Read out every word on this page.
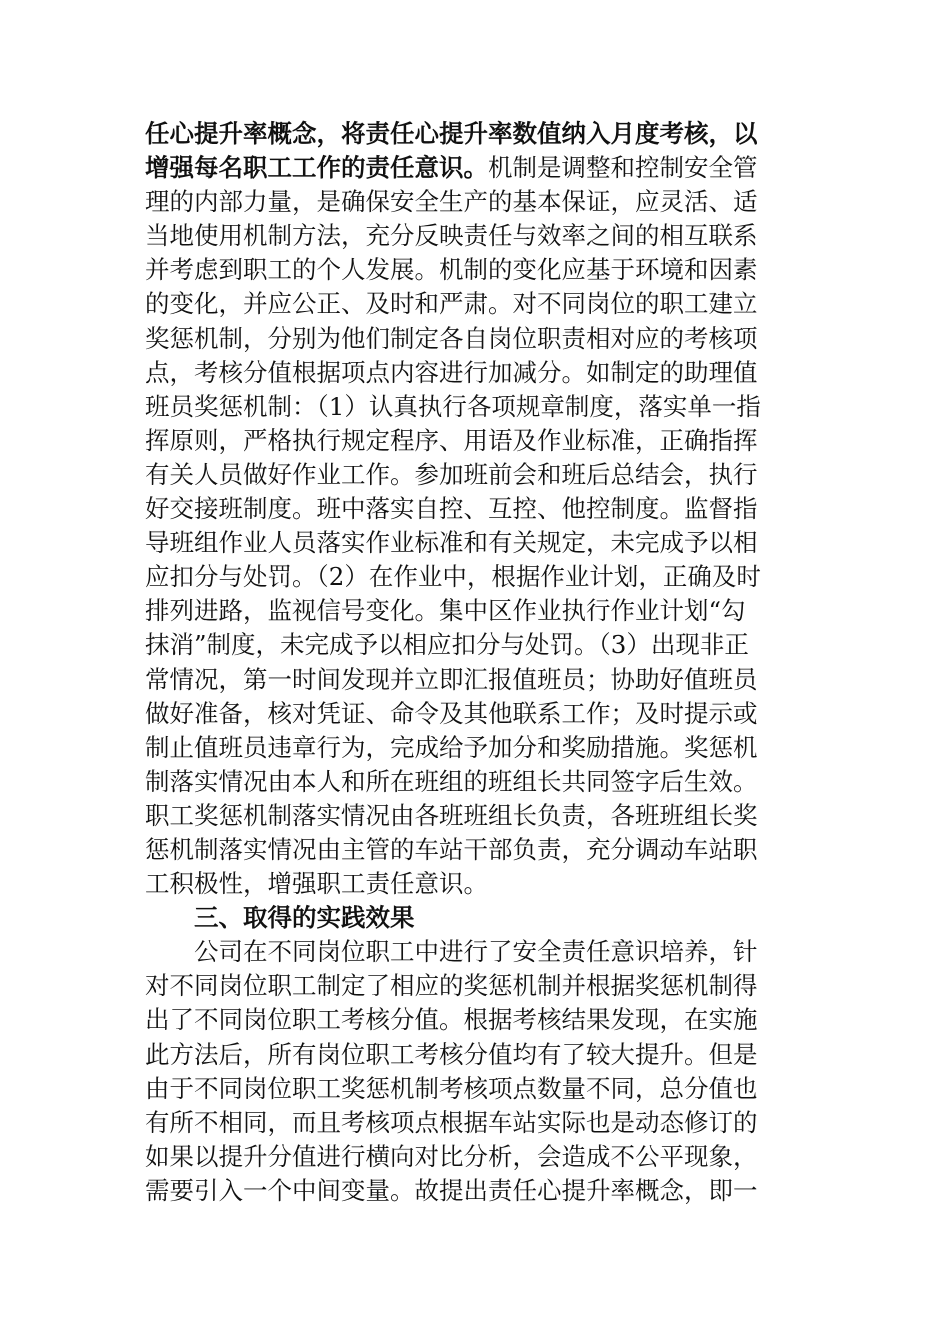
任心提升率概念，将责任心提升率数值纳入月度考核，以
增强每名职工工作的责任意识。机制是调整和控制安全管
理的内部力量，是确保安全生产的基本保证，应灵活、适
当地使用机制方法，充分反映责任与效率之间的相互联系
并考虑到职工的个人发展。机制的变化应基于环境和因素
的变化，并应公正、及时和严肃。对不同岗位的职工建立
奖惩机制，分别为他们制定各自岗位职责相对应的考核项
点，考核分值根据项点内容进行加减分。如制定的助理值
班员奖惩机制：（1）认真执行各项规章制度，落实单一指
挥原则，严格执行规定程序、用语及作业标准，正确指挥
有关人员做好作业工作。参加班前会和班后总结会，执行
好交接班制度。班中落实自控、互控、他控制度。监督指
导班组作业人员落实作业标准和有关规定，未完成予以相
应扣分与处罚。（2）在作业中，根据作业计划，正确及时
排列进路，监视信号变化。集中区作业执行作业计划“勾
抹消”制度，未完成予以相应扣分与处罚。（3）出现非正
常情况，第一时间发现并立即汇报值班员；协助好值班员
做好准备，核对凭证、命令及其他联系工作；及时提示或
制止值班员违章行为，完成给予加分和奖励措施。奖惩机
制落实情况由本人和所在班组的班组长共同签字后生效。
职工奖惩机制落实情况由各班班组长负责，各班班组长奖
惩机制落实情况由主管的车站干部负责，充分调动车站职
工积极性，增强职工责任意识。
　　三、取得的实践效果
　　公司在不同岗位职工中进行了安全责任意识培养，针
对不同岗位职工制定了相应的奖惩机制并根据奖惩机制得
出了不同岗位职工考核分值。根据考核结果发现，在实施
此方法后，所有岗位职工考核分值均有了较大提升。但是
由于不同岗位职工奖惩机制考核项点数量不同，总分值也
有所不相同，而且考核项点根据车站实际也是动态修订的
如果以提升分值进行横向对比分析，会造成不公平现象，
需要引入一个中间变量。故提出责任心提升率概念，即一
